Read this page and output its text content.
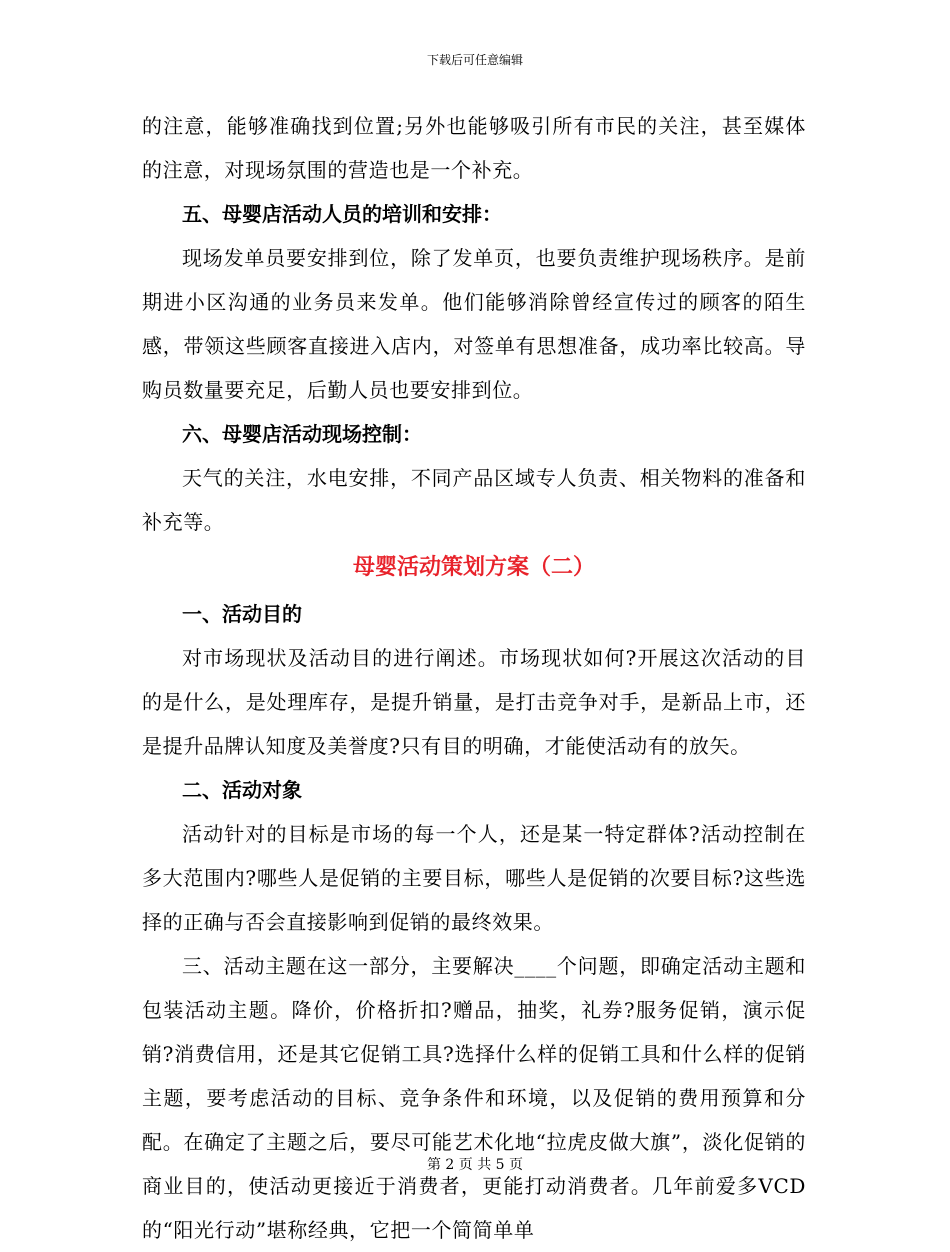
下载后可任意编辑

的注意，能够准确找到位置;另外也能够吸引所有市民的关注，甚至媒体的注意，对现场氛围的营造也是一个补充。

五、母婴店活动人员的培训和安排：

现场发单员要安排到位，除了发单页，也要负责维护现场秩序。是前期进小区沟通的业务员来发单。他们能够消除曾经宣传过的顾客的陌生感，带领这些顾客直接进入店内，对签单有思想准备，成功率比较高。导购员数量要充足，后勤人员也要安排到位。

六、母婴店活动现场控制：

天气的关注，水电安排，不同产品区域专人负责、相关物料的准备和补充等。

母婴活动策划方案（二）

一、活动目的

对市场现状及活动目的进行阐述。市场现状如何?开展这次活动的目的是什么，是处理库存，是提升销量，是打击竞争对手，是新品上市，还是提升品牌认知度及美誉度?只有目的明确，才能使活动有的放矢。

二、活动对象

活动针对的目标是市场的每一个人，还是某一特定群体?活动控制在多大范围内?哪些人是促销的主要目标，哪些人是促销的次要目标?这些选择的正确与否会直接影响到促销的最终效果。

三、活动主题在这一部分，主要解决____个问题，即确定活动主题和包装活动主题。降价，价格折扣?赠品，抽奖，礼券?服务促销，演示促销?消费信用，还是其它促销工具?选择什么样的促销工具和什么样的促销主题，要考虑活动的目标、竞争条件和环境，以及促销的费用预算和分配。在确定了主题之后，要尽可能艺术化地“拉虎皮做大旗”，淡化促销的商业目的，使活动更接近于消费者，更能打动消费者。几年前爱多VCD的“阳光行动”堪称经典，它把一个简简单单

第 2 页 共 5 页
